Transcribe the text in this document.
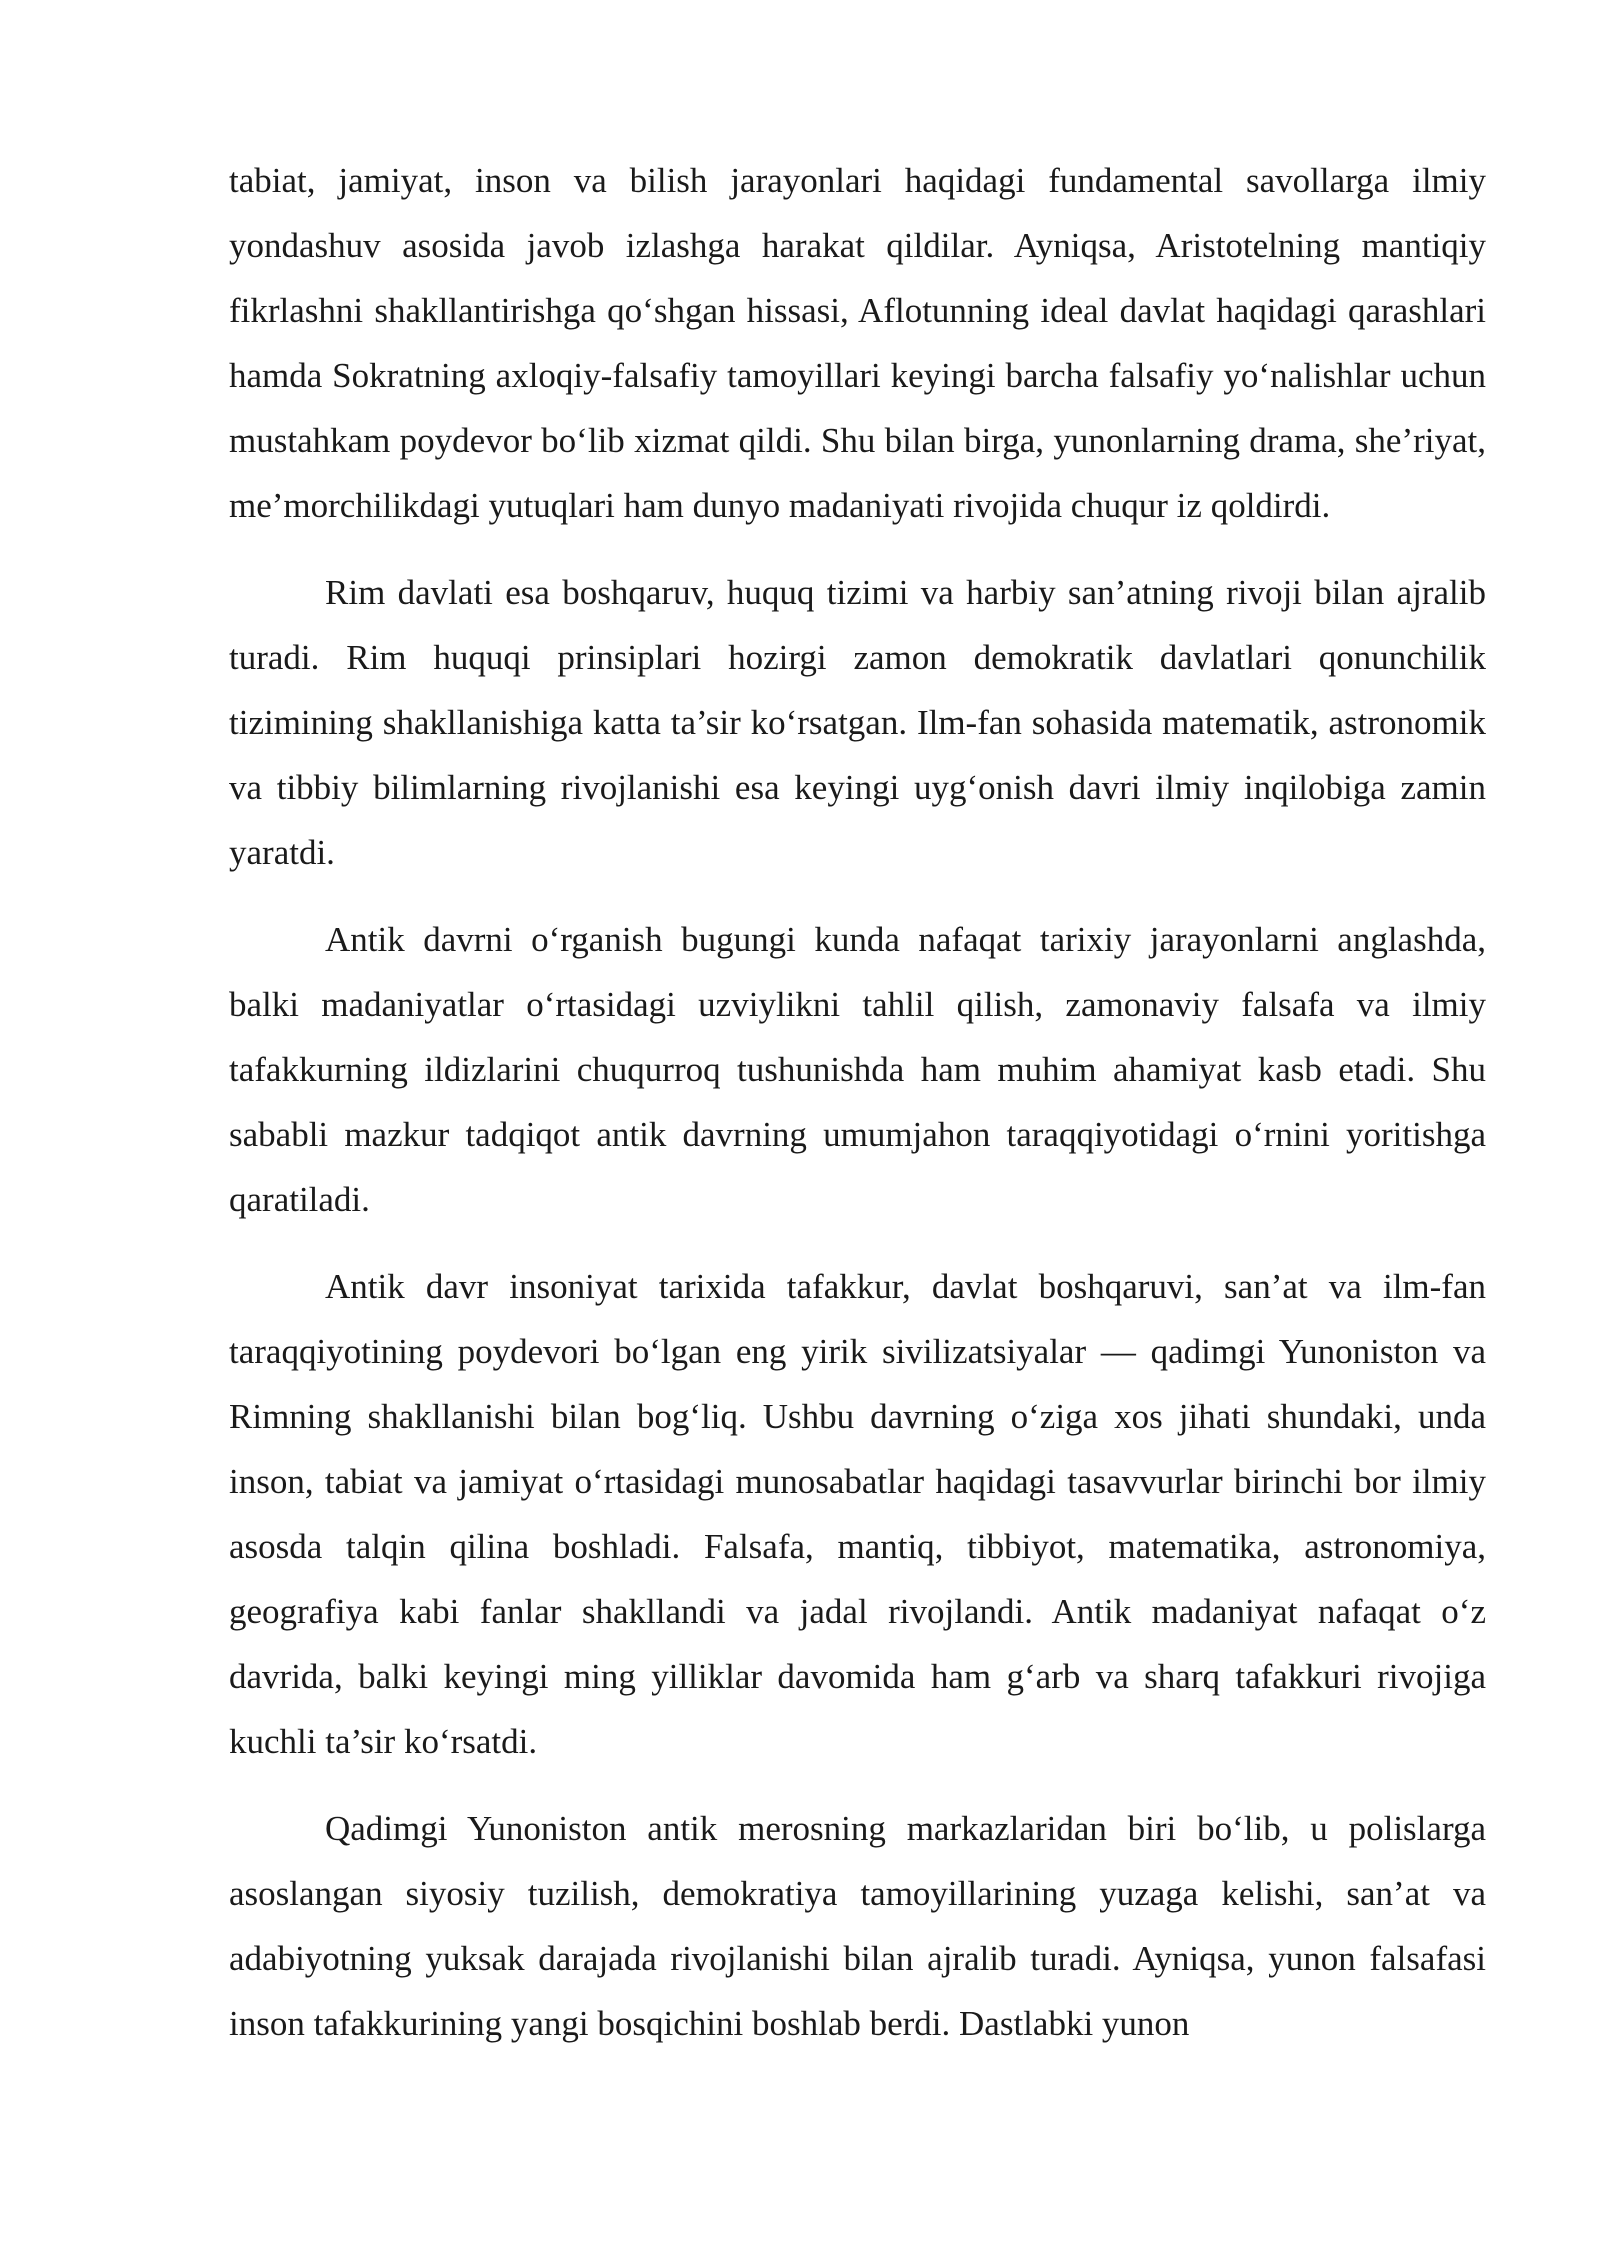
tabiat, jamiyat, inson va bilish jarayonlari haqidagi fundamental savollarga ilmiy yondashuv asosida javob izlashga harakat qildilar. Ayniqsa, Aristotelning mantiqiy fikrlashni shakllantirishga qo‘shgan hissasi, Aflotunning ideal davlat haqidagi qarashlari hamda Sokratning axloqiy-falsafiy tamoyillari keyingi barcha falsafiy yo‘nalishlar uchun mustahkam poydevor bo‘lib xizmat qildi. Shu bilan birga, yunonlarning drama, she’riyat, me’morchilikdagi yutuqlari ham dunyo madaniyati rivojida chuqur iz qoldirdi.

Rim davlati esa boshqaruv, huquq tizimi va harbiy san’atning rivoji bilan ajralib turadi. Rim huquqi prinsiplari hozirgi zamon demokratik davlatlari qonunchilik tizimining shakllanishiga katta ta’sir ko‘rsatgan. Ilm-fan sohasida matematik, astronomik va tibbiy bilimlarning rivojlanishi esa keyingi uyg‘onish davri ilmiy inqilobiga zamin yaratdi.

Antik davrni o‘rganish bugungi kunda nafaqat tarixiy jarayonlarni anglashda, balki madaniyatlar o‘rtasidagi uzviylikni tahlil qilish, zamonaviy falsafa va ilmiy tafakkurning ildizlarini chuqurroq tushunishda ham muhim ahamiyat kasb etadi. Shu sababli mazkur tadqiqot antik davrning umumjahon taraqqiyotidagi o‘rnini yoritishga qaratiladi.

Antik davr insoniyat tarixida tafakkur, davlat boshqaruvi, san’at va ilm-fan taraqqiyotining poydevori bo‘lgan eng yirik sivilizatsiyalar — qadimgi Yunoniston va Rimning shakllanishi bilan bog‘liq. Ushbu davrning o‘ziga xos jihati shundaki, unda inson, tabiat va jamiyat o‘rtasidagi munosabatlar haqidagi tasavvurlar birinchi bor ilmiy asosda talqin qilina boshladi. Falsafa, mantiq, tibbiyot, matematika, astronomiya, geografiya kabi fanlar shakllandi va jadal rivojlandi. Antik madaniyat nafaqat o‘z davrida, balki keyingi ming yilliklar davomida ham g‘arb va sharq tafakkuri rivojiga kuchli ta’sir ko‘rsatdi.

Qadimgi Yunoniston antik merosning markazlaridan biri bo‘lib, u polislarga asoslangan siyosiy tuzilish, demokratiya tamoyillarining yuzaga kelishi, san’at va adabiyotning yuksak darajada rivojlanishi bilan ajralib turadi. Ayniqsa, yunon falsafasi inson tafakkurining yangi bosqichini boshlab berdi. Dastlabki yunon
